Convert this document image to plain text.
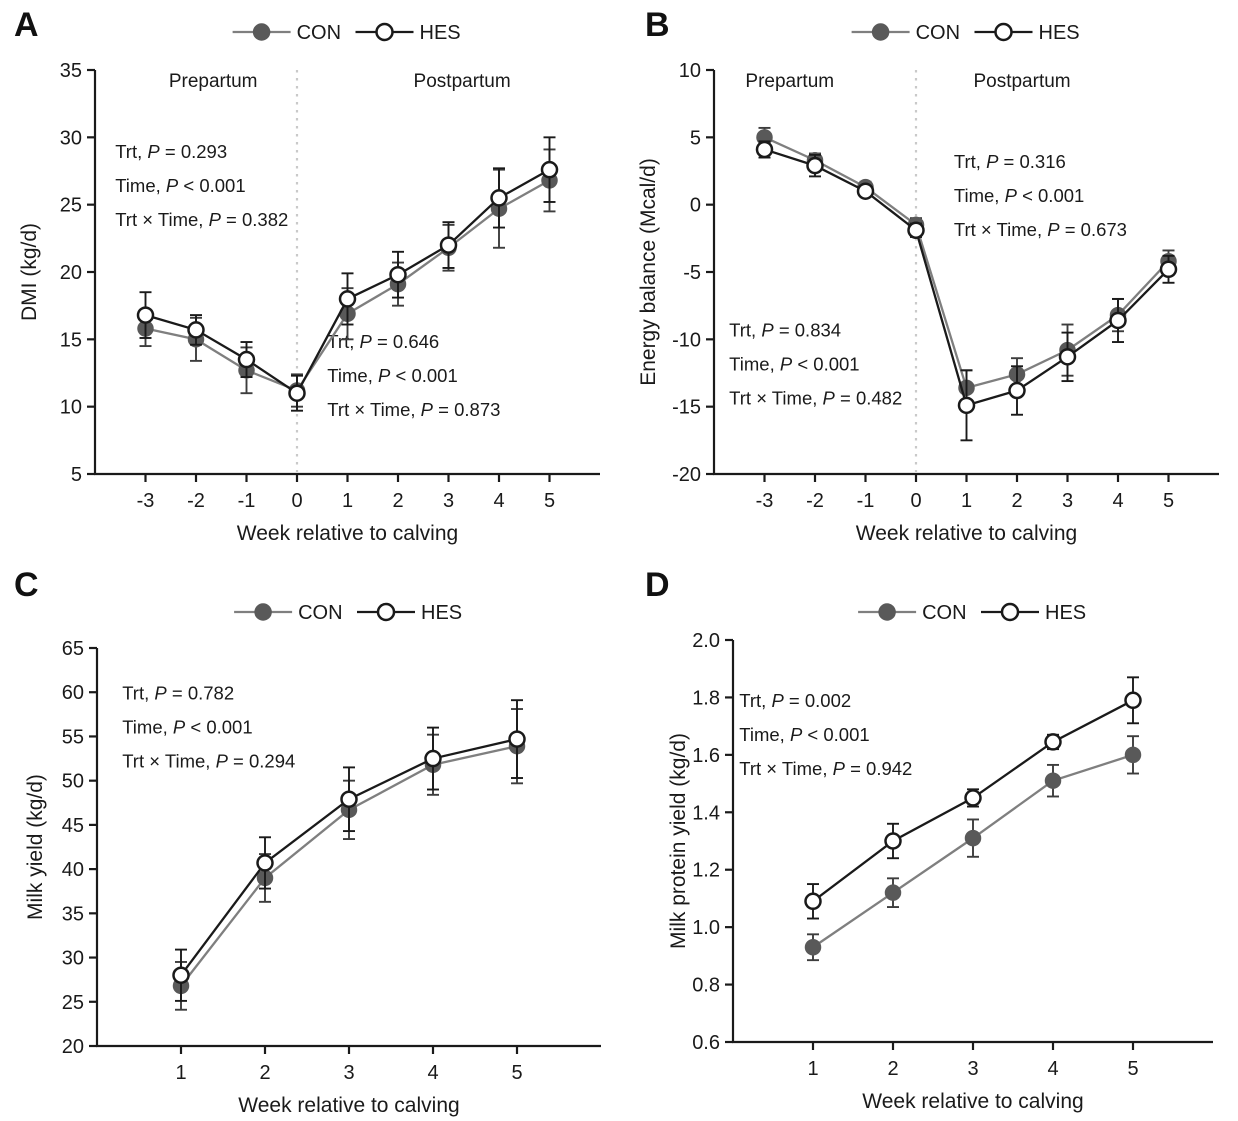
A
5
10
15
20
25
30
35
-3 -2 -1 0 1 2 3 4 5
Week relative to calving
DMI (kg/d)
Prepartum	Postpartum
Trt, P = 0.293
Time, P < 0.001
Trt × Time, P = 0.382
Trt, P = 0.646
Time, P < 0.001
Trt × Time, P = 0.873
CON	HES	B
-20
-15
-10
-5
0
5
10
-3 -2 -1 0 1 2 3 4 5
Week relative to calving
Energy balance (Mcal/d)
Prepartum	Postpartum
Trt, P = 0.316
Time, P < 0.001
Trt × Time, P = 0.673
Trt, P = 0.834
Time, P < 0.001
Trt × Time, P = 0.482
CON	HES
C
20
25
30
35
40
45
50
55
60
65
1	2	3	4	5
Week relative to calving
Milk yield (kg/d)
Trt, P = 0.782
Time, P < 0.001
Trt × Time, P = 0.294
CON	HES
D
0.6
0.8
1.0
1.2
1.4
1.6
1.8
2.0
1	2	3	4	5
Week relative to calving
Milk protein yield (kg/d)
Trt, P = 0.002
Time, P < 0.001
Trt × Time, P = 0.942
CON	HES
